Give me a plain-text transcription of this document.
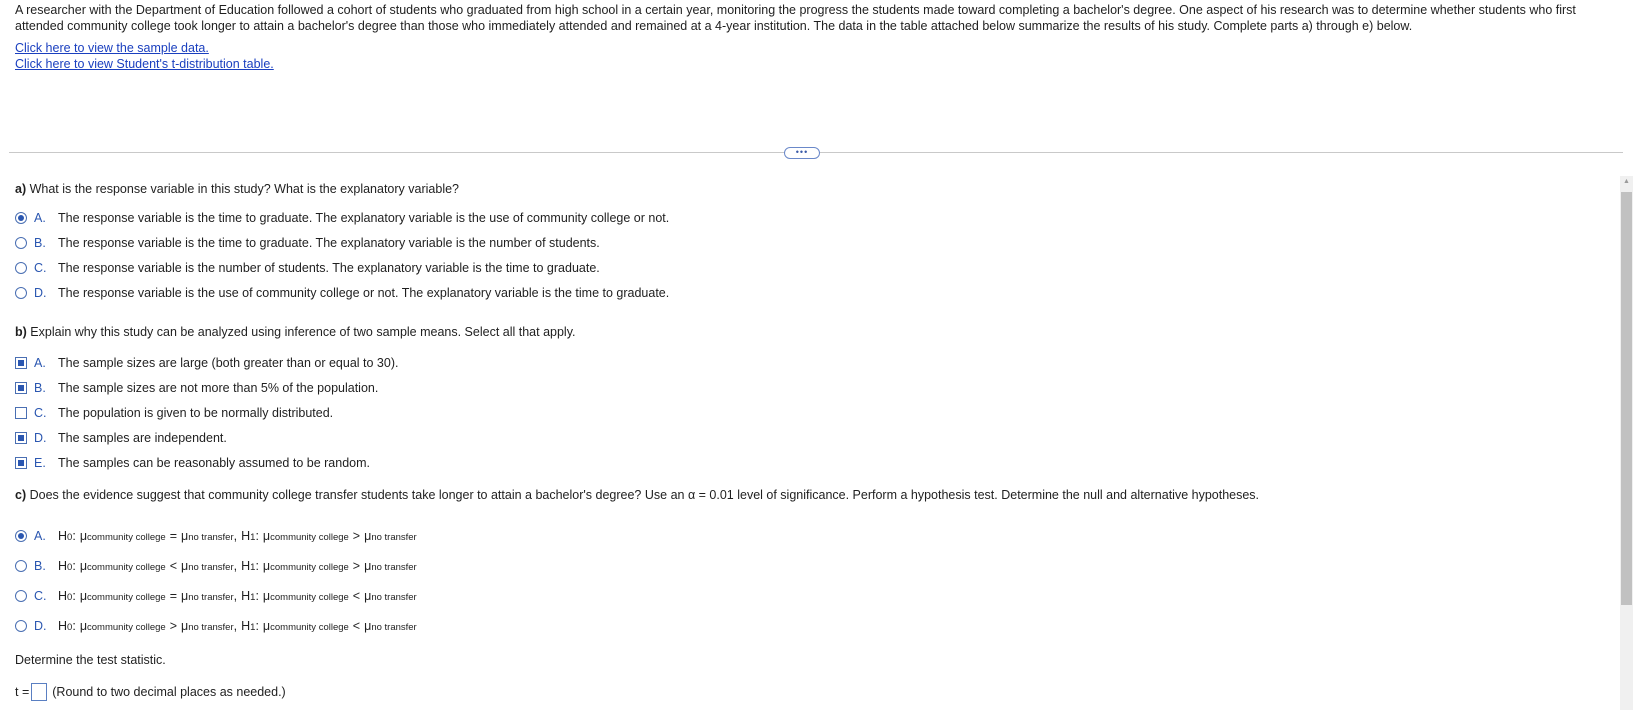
A researcher with the Department of Education followed a cohort of students who graduated from high school in a certain year, monitoring the progress the students made toward completing a bachelor's degree. One aspect of his research was to determine whether students who first attended community college took longer to attain a bachelor's degree than those who immediately attended and remained at a 4-year institution. The data in the table attached below summarize the results of his study. Complete parts a) through e) below.
Click here to view the sample data.
Click here to view Student's t-distribution table.
•••
a) What is the response variable in this study? What is the explanatory variable?
A. The response variable is the time to graduate. The explanatory variable is the use of community college or not.
B. The response variable is the time to graduate. The explanatory variable is the number of students.
C. The response variable is the number of students. The explanatory variable is the time to graduate.
D. The response variable is the use of community college or not. The explanatory variable is the time to graduate.
b) Explain why this study can be analyzed using inference of two sample means. Select all that apply.
A. The sample sizes are large (both greater than or equal to 30).
B. The sample sizes are not more than 5% of the population.
C. The population is given to be normally distributed.
D. The samples are independent.
E. The samples can be reasonably assumed to be random.
c) Does the evidence suggest that community college transfer students take longer to attain a bachelor's degree? Use an α = 0.01 level of significance. Perform a hypothesis test. Determine the null and alternative hypotheses.
A. H 0 : μ community college = μ no transfer , H 1 : μ community college > μ no transfer
B. H 0 : μ community college < μ no transfer , H 1 : μ community college > μ no transfer
C. H 0 : μ community college = μ no transfer , H 1 : μ community college < μ no transfer
D. H 0 : μ community college > μ no transfer , H 1 : μ community college < μ no transfer
Determine the test statistic.
t = (Round to two decimal places as needed.)
▲
